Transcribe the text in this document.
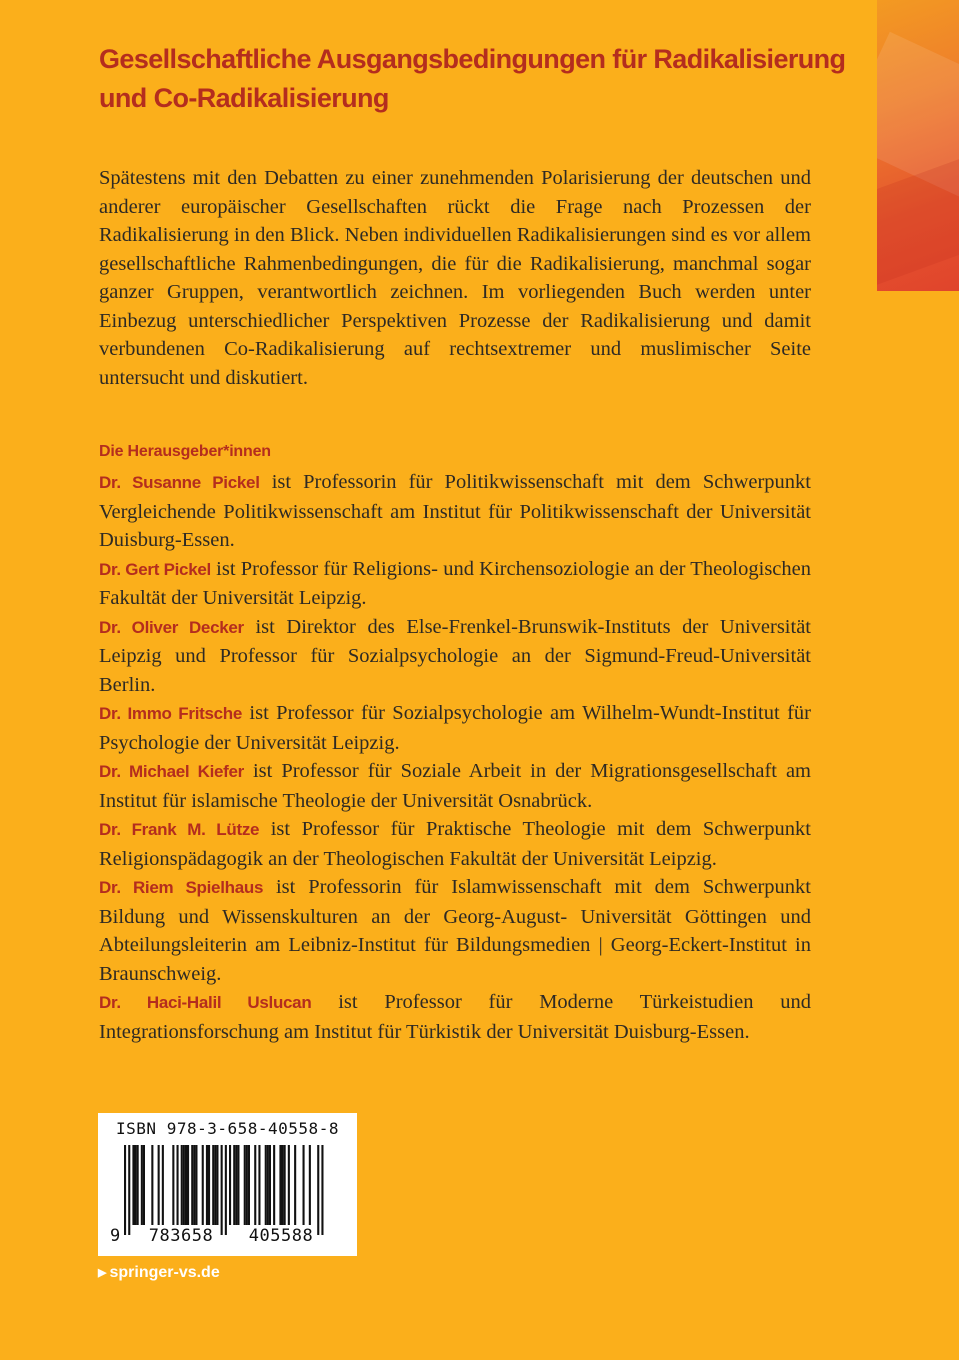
Gesellschaftliche Ausgangsbedingungen für Radikalisierung
und Co-Radikalisierung

Spätestens mit den Debatten zu einer zunehmenden Polarisierung der deutschen und anderer europäischer Gesellschaften rückt die Frage nach Prozessen der Radikalisierung in den Blick. Neben individuellen Radikalisierungen sind es vor allem gesellschaftliche Rahmenbedingungen, die für die Radikalisierung, manchmal sogar ganzer Gruppen, verantwortlich zeichnen. Im vorliegenden Buch werden unter Einbezug unterschiedlicher Perspektiven Prozesse der Radikalisierung und damit verbundenen Co-Radikalisierung auf rechtsextremer und muslimischer Seite untersucht und diskutiert.

Die Herausgeber*innen
Dr. Susanne Pickel ist Professorin für Politikwissenschaft mit dem Schwerpunkt Vergleichende Politikwissenschaft am Institut für Politikwissenschaft der Universität Duisburg-Essen.
Dr. Gert Pickel ist Professor für Religions- und Kirchensoziologie an der Theologischen Fakultät der Universität Leipzig.
Dr. Oliver Decker ist Direktor des Else-Frenkel-Brunswik-Instituts der Universität Leipzig und Professor für Sozialpsychologie an der Sigmund-Freud-Universität Berlin.
Dr. Immo Fritsche ist Professor für Sozialpsychologie am Wilhelm-Wundt-Institut für Psychologie der Universität Leipzig.
Dr. Michael Kiefer ist Professor für Soziale Arbeit in der Migrationsgesellschaft am Institut für islamische Theologie der Universität Osnabrück.
Dr. Frank M. Lütze ist Professor für Praktische Theologie mit dem Schwerpunkt Religionspädagogik an der Theologischen Fakultät der Universität Leipzig.
Dr. Riem Spielhaus ist Professorin für Islamwissenschaft mit dem Schwerpunkt Bildung und Wissenskulturen an der Georg-August- Universität Göttingen und Abteilungsleiterin am Leibniz-Institut für Bildungsmedien | Georg-Eckert-Institut in Braunschweig.
Dr. Haci-Halil Uslucan ist Professor für Moderne Türkeistudien und Integrationsforschung am Institut für Türkistik der Universität Duisburg-Essen.

ISBN 978-3-658-40558-8

9	783658	405588

▶ springer-vs.de
